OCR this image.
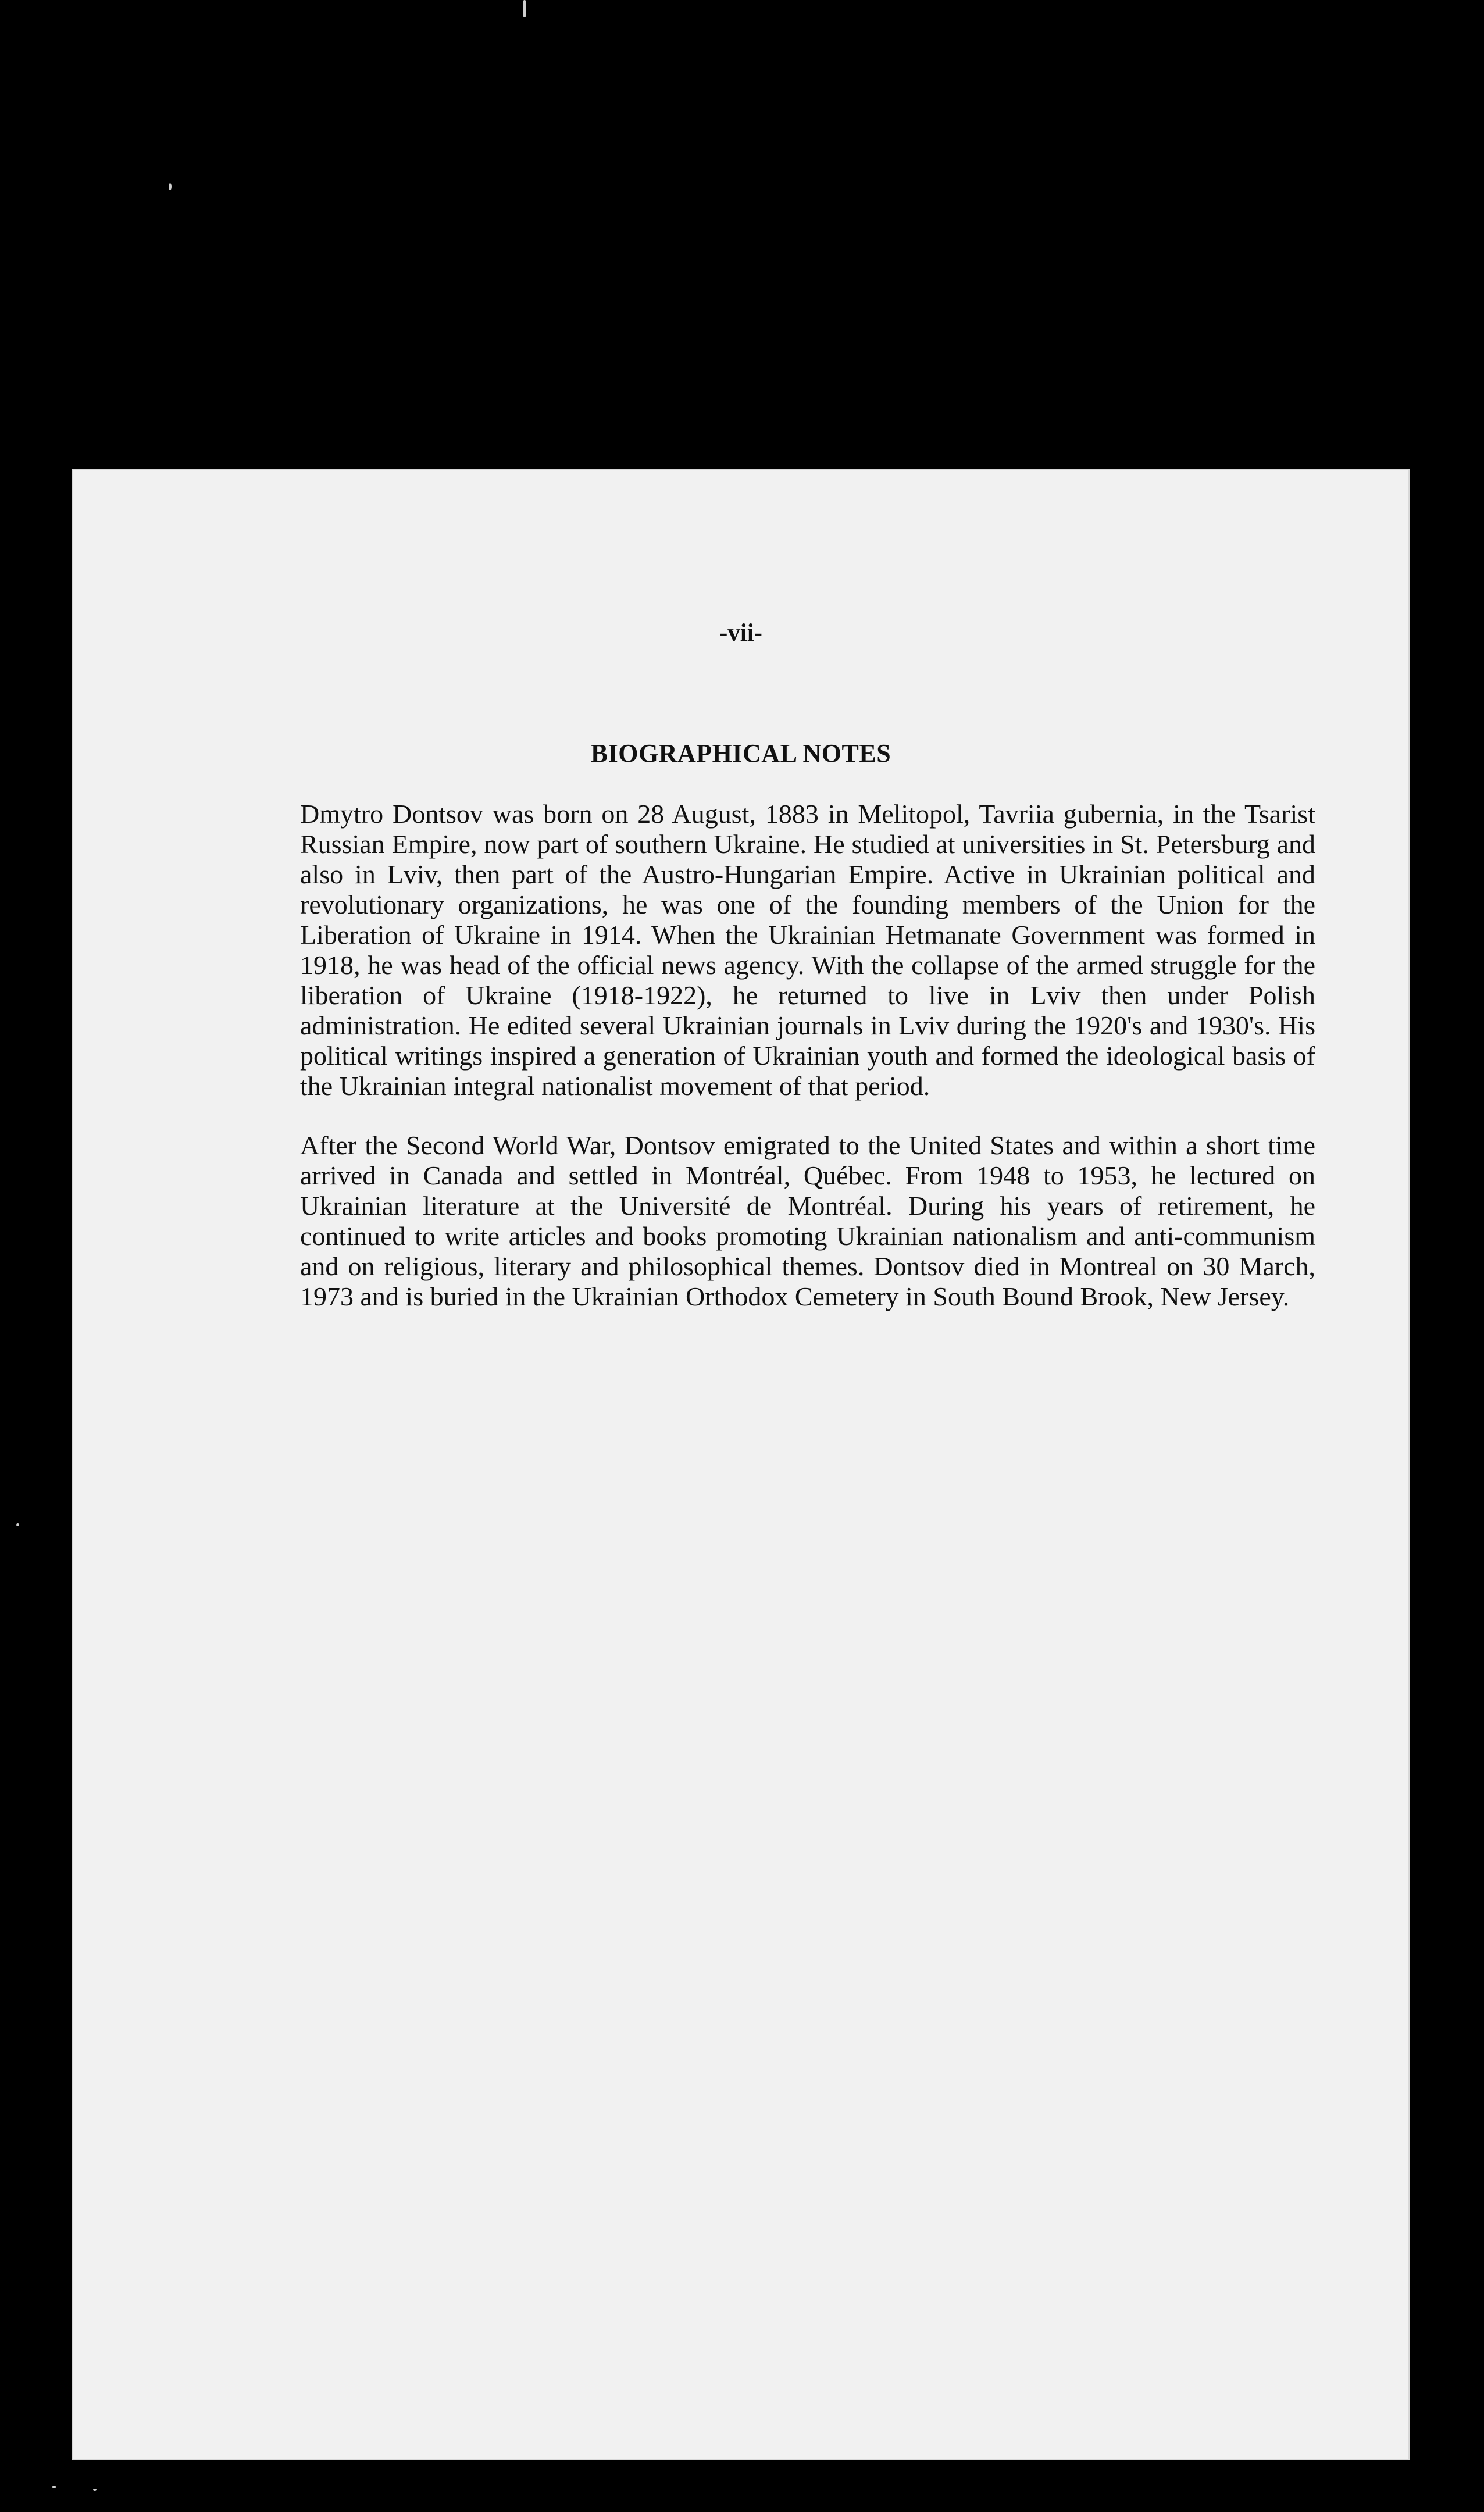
-vii-
BIOGRAPHICAL NOTES

Dmytro Dontsov was born on 28 August, 1883 in Melitopol, Tavriia gubernia, in the Tsarist Russian Empire, now part of southern Ukraine. He studied at universities in St. Petersburg and also in Lviv, then part of the Austro-Hungarian Empire. Active in Ukrainian political and revolutionary organizations, he was one of the founding members of the Union for the Liberation of Ukraine in 1914. When the Ukrainian Hetmanate Government was formed in 1918, he was head of the official news agency. With the collapse of the armed struggle for the liberation of Ukraine (1918-1922), he returned to live in Lviv then under Polish administration. He edited several Ukrainian journals in Lviv during the 1920's and 1930's. His political writings inspired a generation of Ukrainian youth and formed the ideological basis of the Ukrainian integral nationalist movement of that period.

After the Second World War, Dontsov emigrated to the United States and within a short time arrived in Canada and settled in Montréal, Québec. From 1948 to 1953, he lectured on Ukrainian literature at the Université de Montréal. During his years of retirement, he continued to write articles and books promoting Ukrainian nationalism and anti-communism and on religious, literary and philosophical themes. Dontsov died in Montreal on 30 March, 1973 and is buried in the Ukrainian Orthodox Cemetery in South Bound Brook, New Jersey.
